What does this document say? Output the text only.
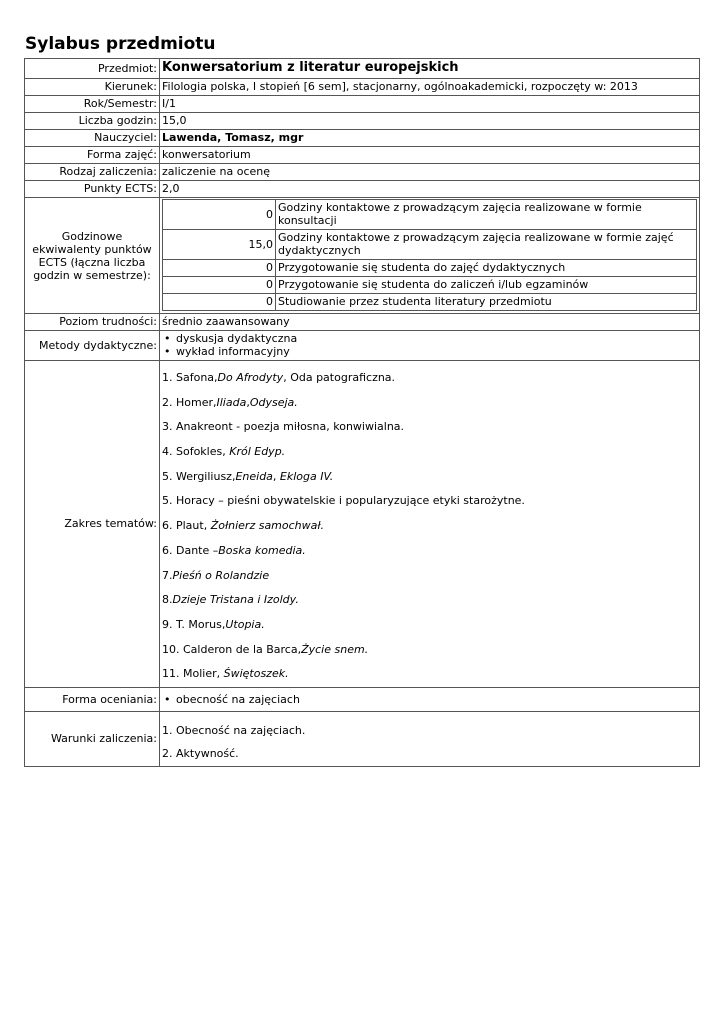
Sylabus przedmiotu
Przedmiot:	Konwersatorium z literatur europejskich
Kierunek:	Filologia polska, I stopień [6 sem], stacjonarny, ogólnoakademicki, rozpoczęty w: 2013
Rok/Semestr:	I/1
Liczba godzin:	15,0
Nauczyciel:	Lawenda, Tomasz, mgr
Forma zajęć:	konwersatorium
Rodzaj zaliczenia:	zaliczenie na ocenę
Punkty ECTS:	2,0
Godzinowe ekwiwalenty punktów ECTS (łączna liczba godzin w semestrze):	
0	Godziny kontaktowe z prowadzącym zajęcia realizowane w formie konsultacji
15,0	Godziny kontaktowe z prowadzącym zajęcia realizowane w formie zajęć dydaktycznych
0	Przygotowanie się studenta do zajęć dydaktycznych
0	Przygotowanie się studenta do zaliczeń i/lub egzaminów
0	Studiowanie przez studenta literatury przedmiotu

Poziom trudności:	średnio zaawansowany
Metody dydaktyczne:	
• dyskusja dydaktyczna
• wykład informacyjny

Zakres tematów:	

1. Safona,Do Afrodyty, Oda patograficzna.

2. Homer,Iliada,Odyseja.

3. Anakreont - poezja miłosna, konwiwialna.

4. Sofokles, Król Edyp.

5. Wergiliusz,Eneida, Ekloga IV.

5. Horacy – pieśni obywatelskie i popularyzujące etyki starożytne.

6. Plaut, Żołnierz samochwał.

6. Dante –Boska komedia.

7.Pieśń o Rolandzie

8.Dzieje Tristana i Izoldy.

9. T. Morus,Utopia.

10. Calderon de la Barca,Życie snem.

11. Molier, Świętoszek.

Forma oceniania:	
•obecność na zajęciach

Warunki zaliczenia:	

1. Obecność na zajęciach.

2. Aktywność.
